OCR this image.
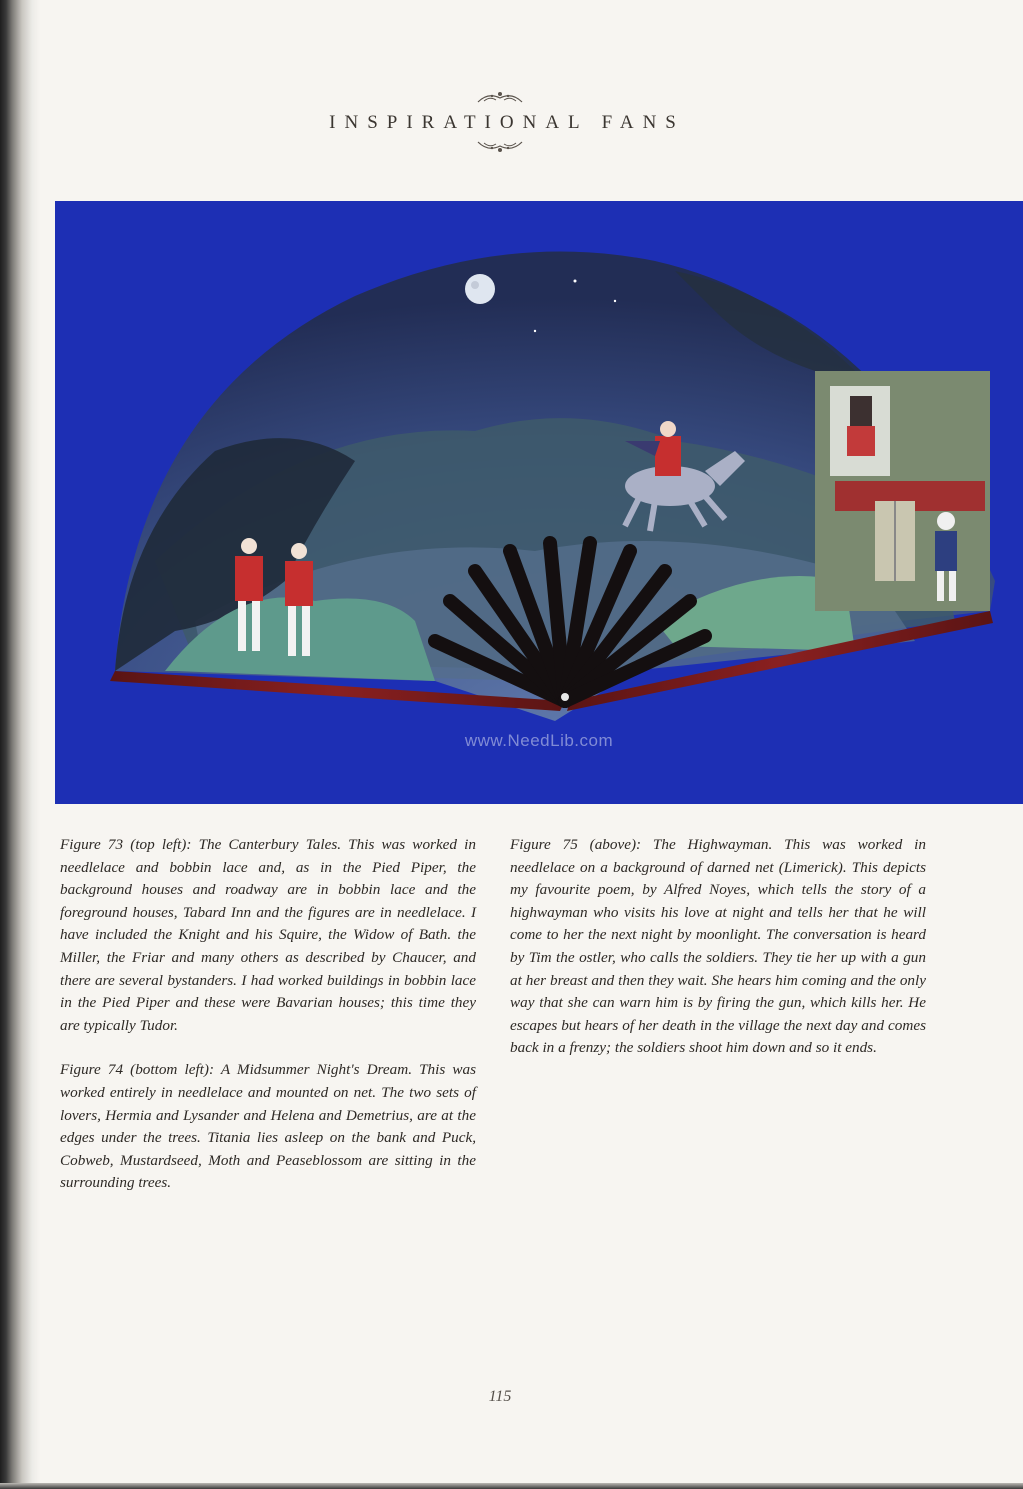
INSPIRATIONAL FANS
www.NeedLib.com

Figure 73 (top left): The Canterbury Tales. This was worked in needlelace and bobbin lace and, as in the Pied Piper, the background houses and roadway are in bobbin lace and the foreground houses, Tabard Inn and the figures are in needlelace. I have included the Knight and his Squire, the Widow of Bath. the Miller, the Friar and many others as described by Chaucer, and there are several bystanders. I had worked buildings in bobbin lace in the Pied Piper and these were Bavarian houses; this time they are typically Tudor.

Figure 74 (bottom left): A Midsummer Night's Dream. This was worked entirely in needlelace and mounted on net. The two sets of lovers, Hermia and Lysander and Helena and Demetrius, are at the edges under the trees. Titania lies asleep on the bank and Puck, Cobweb, Mustardseed, Moth and Peaseblossom are sitting in the surrounding trees.

Figure 75 (above): The Highwayman. This was worked in needlelace on a background of darned net (Limerick). This depicts my favourite poem, by Alfred Noyes, which tells the story of a highwayman who visits his love at night and tells her that he will come to her the next night by moonlight. The conversation is heard by Tim the ostler, who calls the soldiers. They tie her up with a gun at her breast and then they wait. She hears him coming and the only way that she can warn him is by firing the gun, which kills her. He escapes but hears of her death in the village the next day and comes back in a frenzy; the soldiers shoot him down and so it ends.

115
